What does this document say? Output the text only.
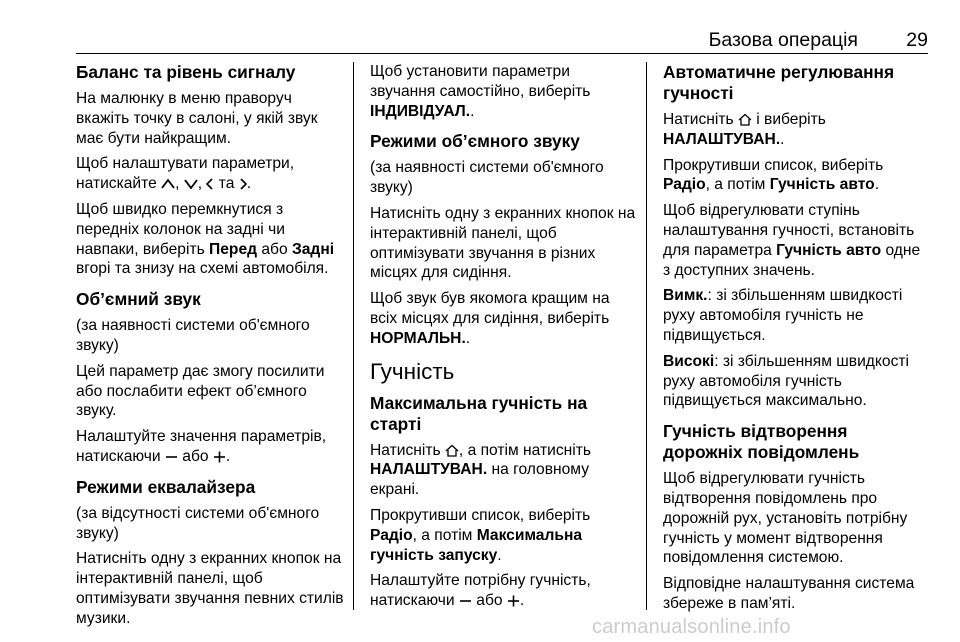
Базова операція 29
Баланс та рівень сигналу

На малюнку в меню праворуч вкажіть точку в салоні, у якій звук має бути найкращим.

Щоб налаштувати параметри, натискайте , ,  та .

Щоб швидко перемкнутися з передніх колонок на задні чи навпаки, виберіть Перед або Задні вгорі та знизу на схемі автомобіля.

Об’ємний звук

(за наявності системи об'ємного звуку)

Цей параметр дає змогу посилити або послабити ефект об’ємного звуку.

Налаштуйте значення параметрів, натискаючи  або .

Режими еквалайзера

(за відсутності системи об'ємного звуку)

Натисніть одну з екранних кнопок на інтерактивній панелі, щоб оптимізувати звучання певних стилів музики.

Щоб установити параметри звучання самостійно, виберіть ІНДИВІДУАЛ..

Режими об’ємного звуку

(за наявності системи об'ємного звуку)

Натисніть одну з екранних кнопок на інтерактивній панелі, щоб оптимізувати звучання в різних місцях для сидіння.

Щоб звук був якомога кращим на всіх місцях для сидіння, виберіть НОРМАЛЬН..

Гучність
Максимальна гучність на старті

Натисніть , а потім натисніть НАЛАШТУВАН. на головному екрані.

Прокрутивши список, виберіть Радіо, а потім Максимальна гучність запуску.

Налаштуйте потрібну гучність, натискаючи  або .

Автоматичне регулювання гучності

Натисніть  і виберіть НАЛАШТУВАН..

Прокрутивши список, виберіть Радіо, а потім Гучність авто.

Щоб відрегулювати ступінь налаштування гучності, встановіть для параметра Гучність авто одне з доступних значень.

Вимк.: зі збільшенням швидкості руху автомобіля гучність не підвищується.

Високі: зі збільшенням швидкості руху автомобіля гучність підвищується максимально.

Гучність відтворення дорожніх повідомлень

Щоб відрегулювати гучність відтворення повідомлень про дорожній рух, установіть потрібну гучність у момент відтворення повідомлення системою.

Відповідне налаштування система збереже в пам’яті.

carmanualsonline.info
